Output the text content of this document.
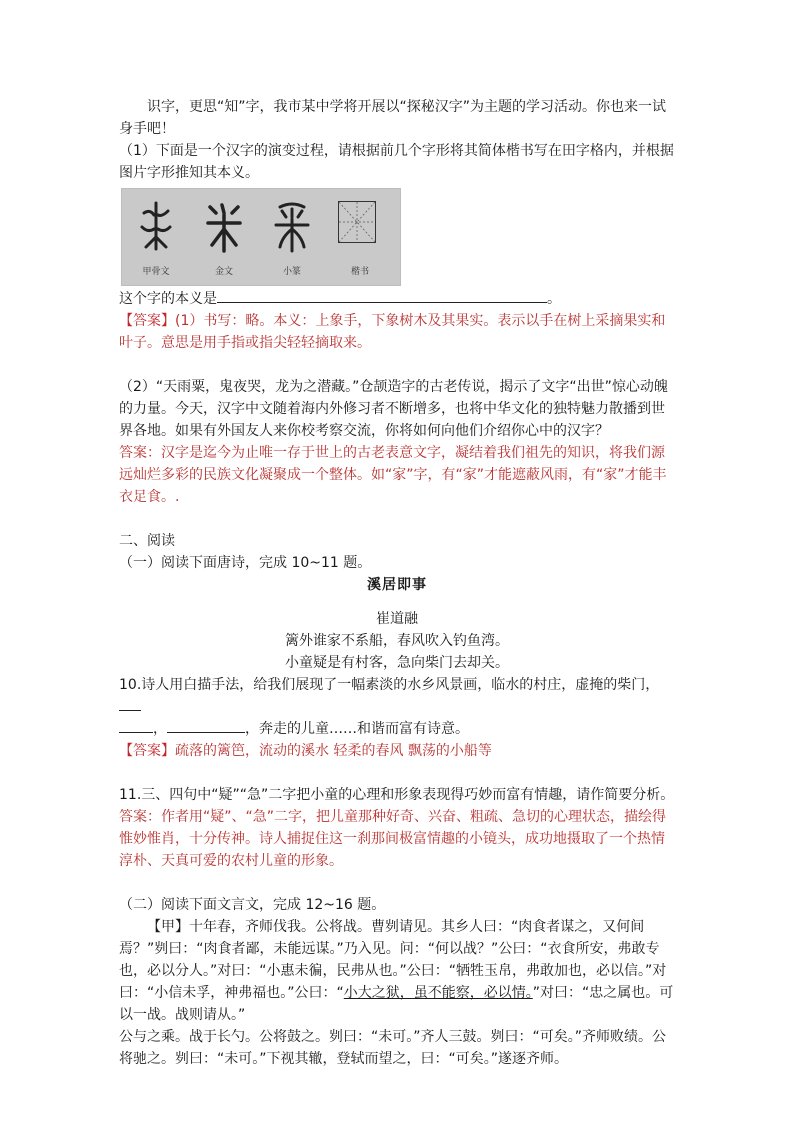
识字，更思“知”字，我市某中学将开展以“探秘汉字”为主题的学习活动。你也来一试身手吧！

（1）下面是一个汉字的演变过程，请根据前几个字形将其简体楷书写在田字格内，并根据图片字形推知其本义。

甲骨文	金文	小篆	楷书

这个字的本义是	。

【答案】(1）书写：略。本义：上象手，下象树木及其果实。表示以手在树上采摘果实和叶子。意思是用手指或指尖轻轻摘取来。

（2）“天雨粟，鬼夜哭，龙为之潜藏。”仓颉造字的古老传说，揭示了文字“出世”惊心动魄的力量。今天，汉字中文随着海内外修习者不断增多，也将中华文化的独特魅力散播到世界各地。如果有外国友人来你校考察交流，你将如何向他们介绍你心中的汉字？

答案：汉字是迄今为止唯一存于世上的古老表意文字，凝结着我们祖先的知识，将我们源远灿烂多彩的民族文化凝聚成一个整体。如“家”字，有“家”才能遮蔽风雨，有“家”才能丰衣足食。.

二、阅读

（一）阅读下面唐诗，完成 10~11 题。

溪居即事

崔道融

篱外谁家不系船，春风吹入钓鱼湾。

小童疑是有村客，急向柴门去却关。

10.诗人用白描手法，给我们展现了一幅素淡的水乡风景画，临水的村庄，虚掩的柴门，
，	，奔走的儿童……和谐而富有诗意。

【答案】疏落的篱笆，流动的溪水 轻柔的春风 飘荡的小船等

11.三、四句中“疑”“急”二字把小童的心理和形象表现得巧妙而富有情趣，请作简要分析。

答案：作者用“疑”、“急”二字，把儿童那种好奇、兴奋、粗疏、急切的心理状态，描绘得惟妙惟肖，十分传神。诗人捕捉住这一刹那间极富情趣的小镜头，成功地摄取了一个热情淳朴、天真可爱的农村儿童的形象。

（二）阅读下面文言文，完成 12~16 题。

【甲】十年春，齐师伐我。公将战。曹刿请见。其乡人曰：“肉食者谋之，又何间焉？”刿曰：“肉食者鄙，未能远谋。”乃入见。问：“何以战？”公曰：“衣食所安，弗敢专也，必以分人。”对曰：“小惠未徧，民弗从也。”公曰：“牺牲玉帛，弗敢加也，必以信。”对曰：“小信未孚，神弗福也。”公曰：“小大之狱，虽不能察，必以情。”对曰：“忠之属也。可以一战。战则请从。”

公与之乘。战于长勺。公将鼓之。刿曰：“未可。”齐人三鼓。刿曰：“可矣。”齐师败绩。公将驰之。刿曰：“未可。”下视其辙，登轼而望之，曰：“可矣。”遂逐齐师。
